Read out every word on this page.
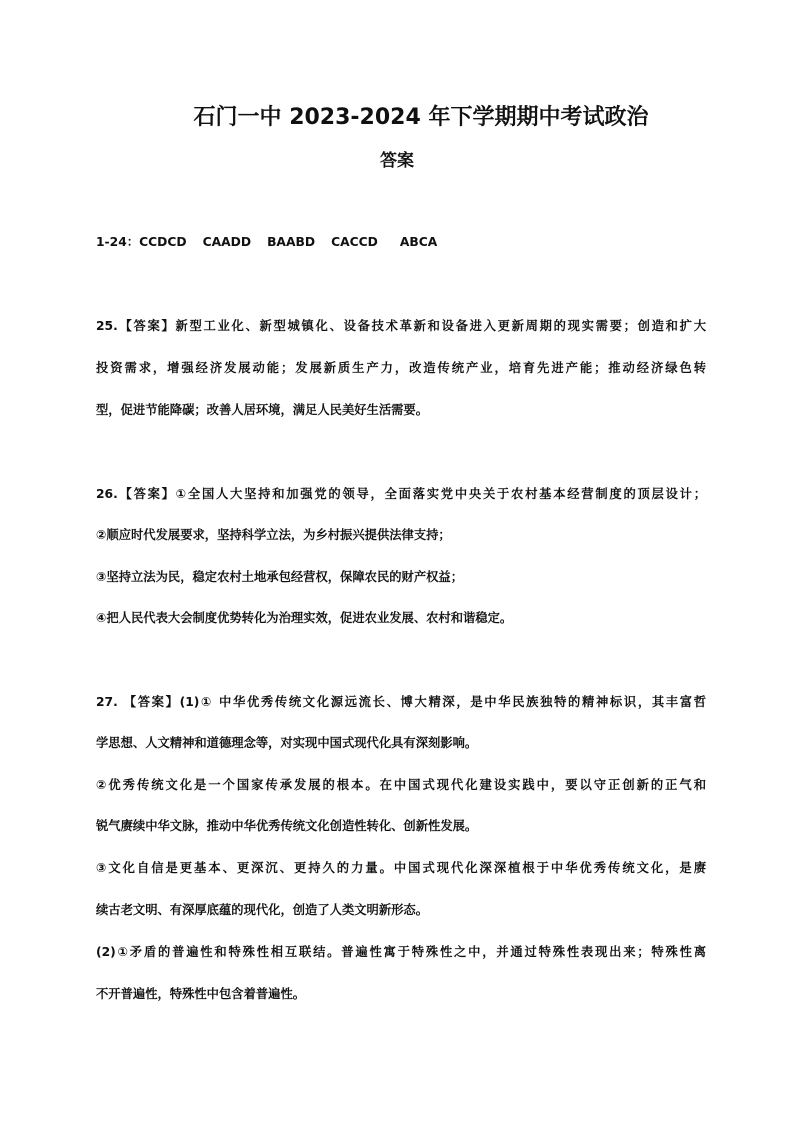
石门一中 2023-2024 年下学期期中考试政治
答案
1-24：CCDCD CAADD BAABD CACCD ABCA
25.【答案】新型工业化、新型城镇化、设备技术革新和设备进入更新周期的现实需要；创造和扩大
投资需求，增强经济发展动能；发展新质生产力，改造传统产业，培育先进产能；推动经济绿色转
型，促进节能降碳；改善人居环境，满足人民美好生活需要。
26.【答案】①全国人大坚持和加强党的领导，全面落实党中央关于农村基本经营制度的顶层设计；
②顺应时代发展要求，坚持科学立法，为乡村振兴提供法律支持；
③坚持立法为民，稳定农村土地承包经营权，保障农民的财产权益；
④把人民代表大会制度优势转化为治理实效，促进农业发展、农村和谐稳定。
27. 【答案】(1)① 中华优秀传统文化源远流长、博大精深，是中华民族独特的精神标识，其丰富哲
学思想、人文精神和道德理念等，对实现中国式现代化具有深刻影响。
②优秀传统文化是一个国家传承发展的根本。在中国式现代化建设实践中，要以守正创新的正气和
锐气赓续中华文脉，推动中华优秀传统文化创造性转化、创新性发展。
③文化自信是更基本、更深沉、更持久的力量。中国式现代化深深植根于中华优秀传统文化，是赓
续古老文明、有深厚底蕴的现代化，创造了人类文明新形态。
(2)①矛盾的普遍性和特殊性相互联结。普遍性寓于特殊性之中，并通过特殊性表现出来；特殊性离
不开普遍性，特殊性中包含着普遍性。
